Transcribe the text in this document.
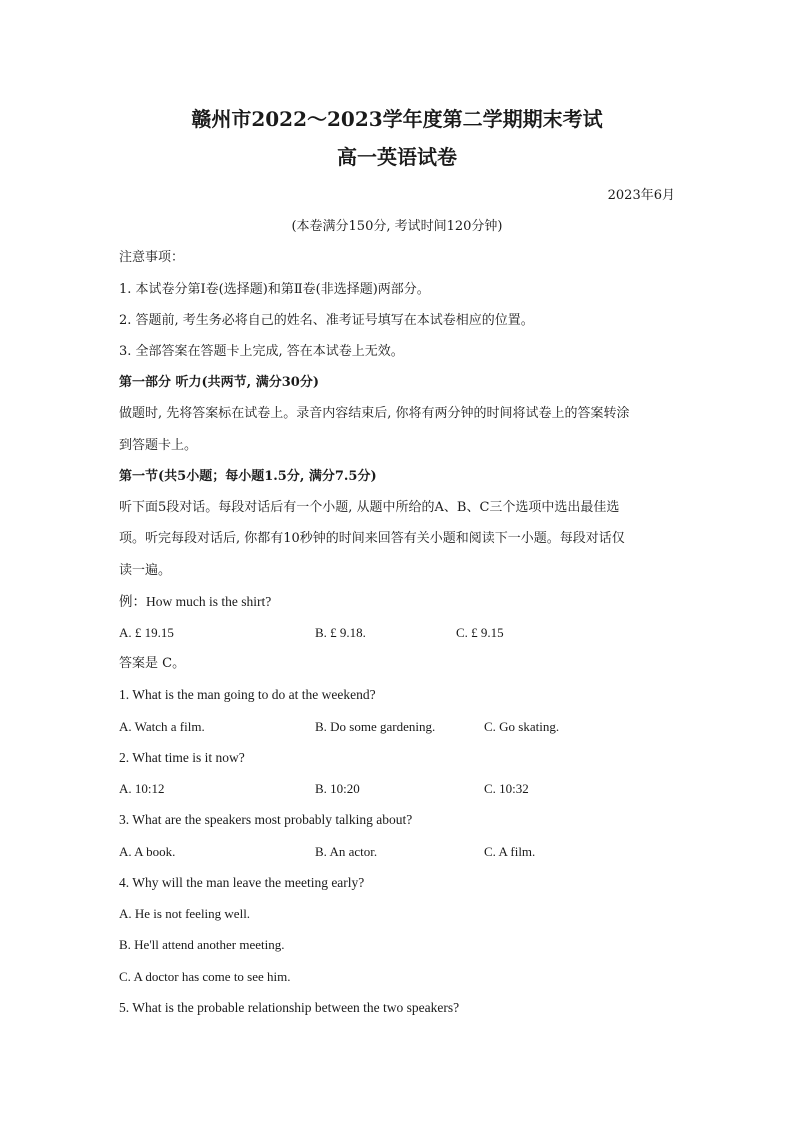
赣州市2022～2023学年度第二学期期末考试
高一英语试卷
2023年6月
(本卷满分150分, 考试时间120分钟)
注意事项：
1. 本试卷分第Ⅰ卷(选择题)和第Ⅱ卷(非选择题)两部分。
2. 答题前, 考生务必将自己的姓名、准考证号填写在本试卷相应的位置。
3. 全部答案在答题卡上完成, 答在本试卷上无效。
第一部分 听力(共两节, 满分30分)
做题时, 先将答案标在试卷上。录音内容结束后, 你将有两分钟的时间将试卷上的答案转涂
到答题卡上。
第一节(共5小题；每小题1.5分, 满分7.5分)
听下面5段对话。每段对话后有一个小题, 从题中所给的A、B、C三个选项中选出最佳选
项。听完每段对话后, 你都有10秒钟的时间来回答有关小题和阅读下一小题。每段对话仅
读一遍。
例：How much is the shirt?
A. £ 19.15	B. £ 9.18.	C. £ 9.15
答案是 C。
1. What is the man going to do at the weekend?
A. Watch a film.	B. Do some gardening.	C. Go skating.
2. What time is it now?
A. 10:12	B. 10:20	C. 10:32
3. What are the speakers most probably talking about?
A. A book.	B. An actor.	C. A film.
4. Why will the man leave the meeting early?
A. He is not feeling well.
B. He'll attend another meeting.
C. A doctor has come to see him.
5. What is the probable relationship between the two speakers?
